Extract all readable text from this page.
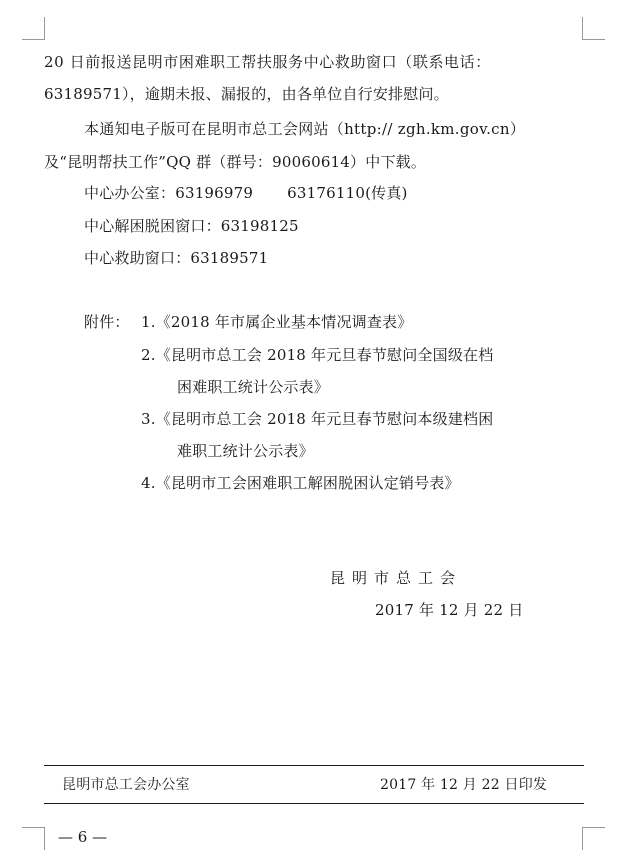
20 日前报送昆明市困难职工帮扶服务中心救助窗口（联系电话：
63189571），逾期未报、漏报的，由各单位自行安排慰问。
本通知电子版可在昆明市总工会网站（http:// zgh.km.gov.cn）
及“昆明帮扶工作”QQ 群（群号：90060614）中下载。
中心办公室：63196979 63176110(传真)
中心解困脱困窗口：63198125
中心救助窗口：63189571
附件： 1.《2018 年市属企业基本情况调查表》
2.《昆明市总工会 2018 年元旦春节慰问全国级在档
困难职工统计公示表》
3.《昆明市总工会 2018 年元旦春节慰问本级建档困
难职工统计公示表》
4.《昆明市工会困难职工解困脱困认定销号表》
昆明市总工会
2017 年 12 月 22 日
昆明市总工会办公室	2017 年 12 月 22 日印发
— 6 —
